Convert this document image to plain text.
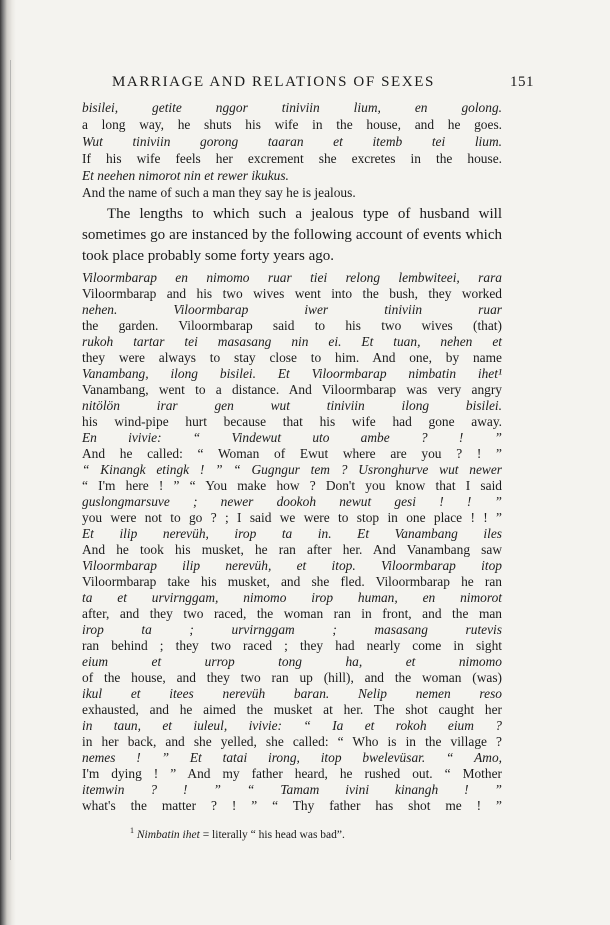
MARRIAGE AND RELATIONS OF SEXES	151
bisilei, getite nggor tiniviin lium, en golong.
a long way, he shuts his wife in the house, and he goes.
Wut tiniviin gorong taaran et itemb tei lium.
If his wife feels her excrement she excretes in the house.
Et neehen nimorot nin et rewer ikukus.
And the name of such a man they say he is jealous.
The lengths to which such a jealous type of husband will sometimes go are instanced by the following account of events which took place probably some forty years ago.
Viloormbarap en nimomo ruar tiei relong lembwiteei, rara
Viloormbarap and his two wives went into the bush, they worked
nehen. Viloormbarap iwer tiniviin ruar
the garden. Viloormbarap said to his two wives (that)
rukoh tartar tei masasang nin ei. Et tuan, nehen et
they were always to stay close to him. And one, by name
Vanambang, ilong bisilei. Et Viloormbarap nimbatin ihet¹
Vanambang, went to a distance. And Viloormbarap was very angry
nitölön irar gen wut tiniviin ilong bisilei.
his wind-pipe hurt because that his wife had gone away.
En ivivie: “ Vindewut uto ambe ? ! ”
And he called: “ Woman of Ewut where are you ? ! ”
“ Kinangk etingk ! ” “ Gugngur tem ? Usronghurve wut newer
“ I'm here ! ” “ You make how ? Don't you know that I said
guslongmarsuve ; newer dookoh newut gesi ! ! ”
you were not to go ? ; I said we were to stop in one place ! ! ”
Et ilip nerevüh, irop ta in. Et Vanambang iles
And he took his musket, he ran after her. And Vanambang saw
Viloormbarap ilip nerevüh, et itop. Viloormbarap itop
Viloormbarap take his musket, and she fled. Viloormbarap he ran
ta et urvirnggam, nimomo irop human, en nimorot
after, and they two raced, the woman ran in front, and the man
irop ta ; urvirnggam ; masasang rutevis
ran behind ; they two raced ; they had nearly come in sight
eium et urrop tong ha, et nimomo
of the house, and they two ran up (hill), and the woman (was)
ikul et itees nerevüh baran. Nelip nemen reso
exhausted, and he aimed the musket at her. The shot caught her
in taun, et iuleul, ivivie: “ Ia et rokoh eium ?
in her back, and she yelled, she called: “ Who is in the village ?
nemes ! ” Et tatai irong, itop bwelevüsar. “ Amo,
I'm dying ! ” And my father heard, he rushed out. “ Mother
itemwin ? ! ” “ Tamam ivini kinangh ! ”
what's the matter ? ! ” “ Thy father has shot me ! ”
$^1$ Nimbatin ihet = literally “ his head was bad”.
